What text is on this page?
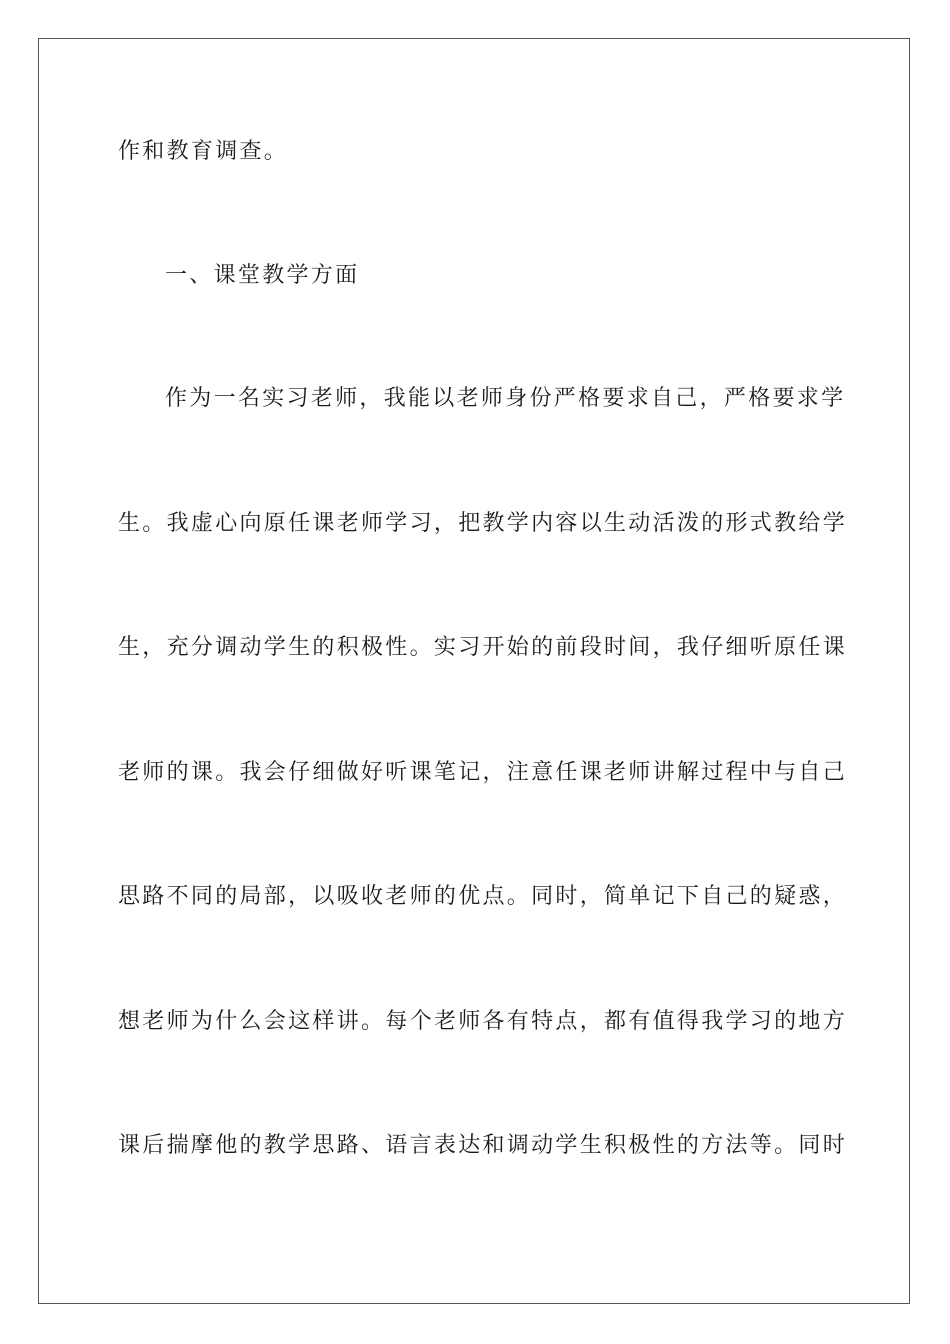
作和教育调查。
一、课堂教学方面
作为一名实习老师，我能以老师身份严格要求自己，严格要求学
生。我虚心向原任课老师学习，把教学内容以生动活泼的形式教给学
生，充分调动学生的积极性。实习开始的前段时间，我仔细听原任课
老师的课。我会仔细做好听课笔记，注意任课老师讲解过程中与自己
思路不同的局部，以吸收老师的优点。同时，简单记下自己的疑惑，
想老师为什么会这样讲。每个老师各有特点，都有值得我学习的地方
课后揣摩他的教学思路、语言表达和调动学生积极性的方法等。同时
